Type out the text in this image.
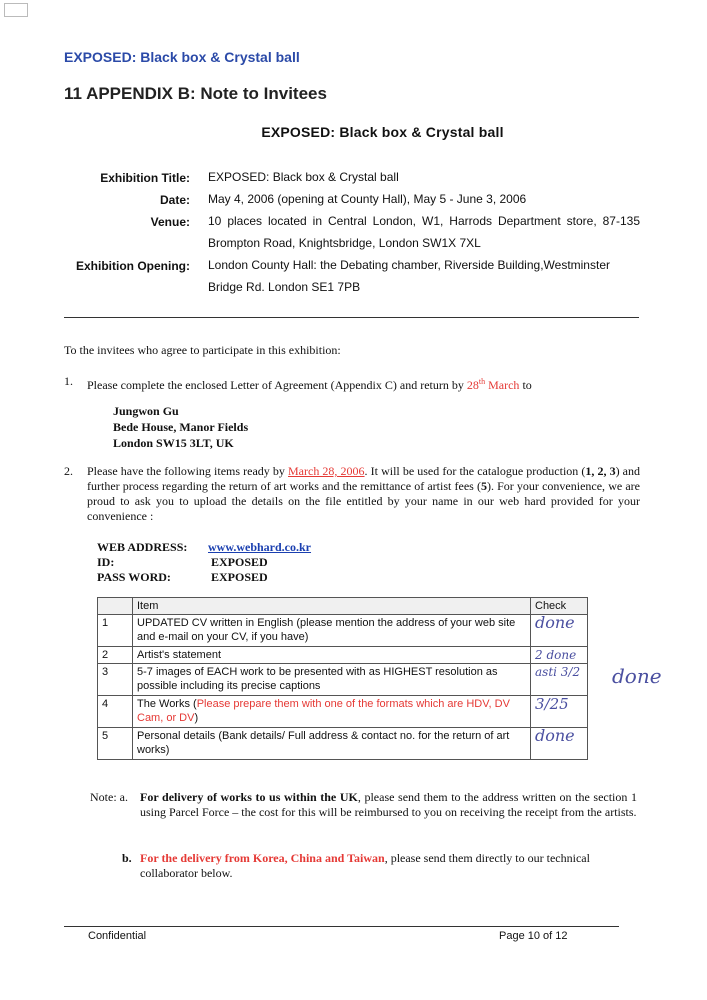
EXPOSED: Black box & Crystal ball
11 APPENDIX B: Note to Invitees
EXPOSED: Black box & Crystal ball
Exhibition Title: EXPOSED: Black box & Crystal ball
Date: May 4, 2006 (opening at County Hall), May 5 - June 3, 2006
Venue: 10 places located in Central London, W1, Harrods Department store, 87-135 Brompton Road, Knightsbridge, London SW1X 7XL
Exhibition Opening: London County Hall: the Debating chamber, Riverside Building,Westminster Bridge Rd. London SE1 7PB
To the invitees who agree to participate in this exhibition:
1. Please complete the enclosed Letter of Agreement (Appendix C) and return by 28th March to
Jungwon Gu
Bede House, Manor Fields
London SW15 3LT, UK
2. Please have the following items ready by March 28, 2006. It will be used for the catalogue production (1, 2, 3) and further process regarding the return of art works and the remittance of artist fees (5). For your convenience, we are proud to ask you to upload the details on the file entitled by your name in our web hard provided for your convenience :
WEB ADDRESS: www.webhard.co.kr
ID:	EXPOSED
PASS WORD:	EXPOSED
	Item	Check
1	UPDATED CV written in English (please mention the address of your web site and e-mail on your CV, if you have)	done
2	Artist's statement	2 done
3	5-7 images of EACH work to be presented with as HIGHEST resolution as possible including its precise captions	asti 3/2
4	The Works (Please prepare them with one of the formats which are HDV, DV Cam, or DV)	3/25
5	Personal details (Bank details/ Full address & contact no. for the return of art works)	done
done
Note: a. For delivery of works to us within the UK, please send them to the address written on the section 1 using Parcel Force – the cost for this will be reimbursed to you on receiving the receipt from the artists.
b. For the delivery from Korea, China and Taiwan, please send them directly to our technical collaborator below.
Confidential	Page 10 of 12
